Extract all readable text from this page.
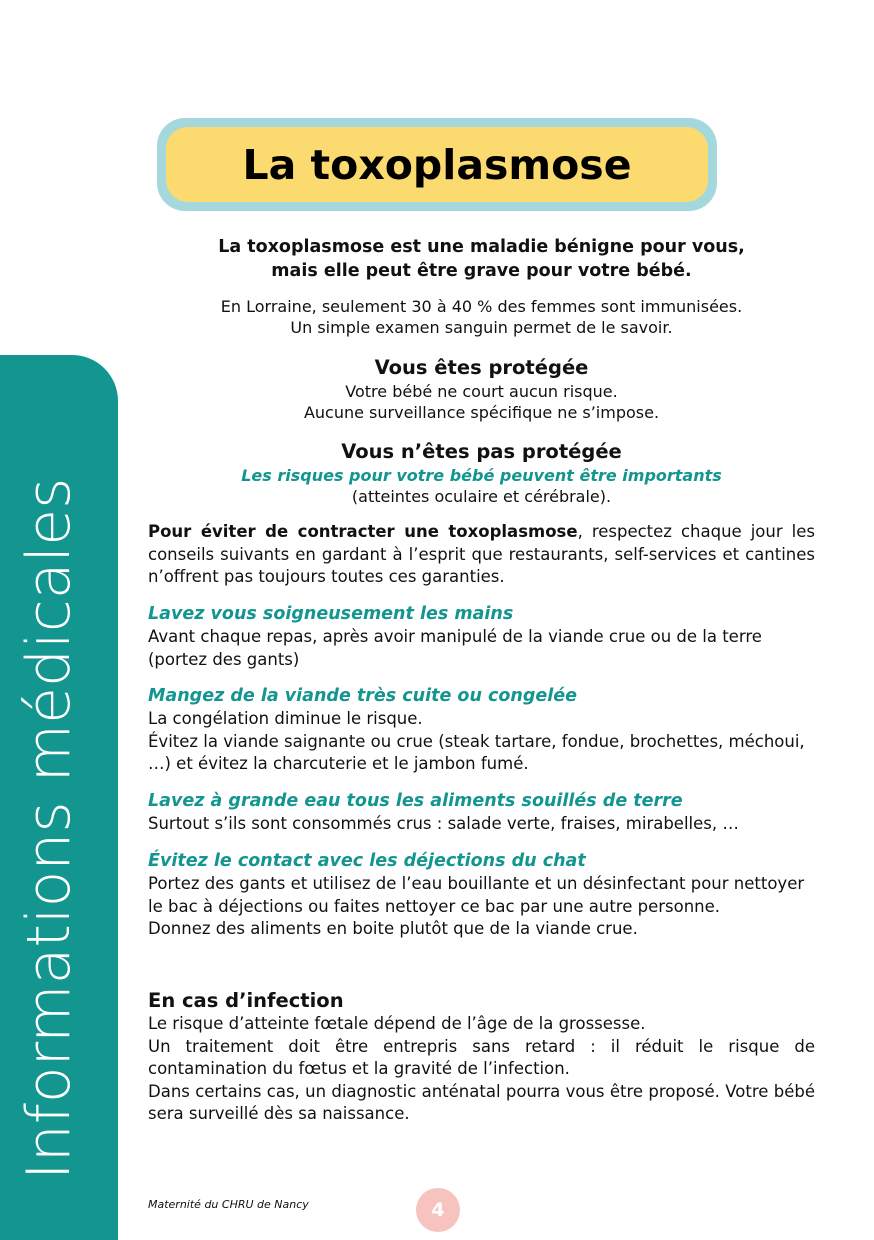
Informations médicales
La toxoplasmose
La toxoplasmose est une maladie bénigne pour vous,
mais elle peut être grave pour votre bébé.
En Lorraine, seulement 30 à 40 % des femmes sont immunisées.
Un simple examen sanguin permet de le savoir.
Vous êtes protégée
Votre bébé ne court aucun risque.
Aucune surveillance spécifique ne s’impose.
Vous n’êtes pas protégée
Les risques pour votre bébé peuvent être importants
(atteintes oculaire et cérébrale).
Pour éviter de contracter une toxoplasmose, respectez chaque jour les conseils suivants en gardant à l’esprit que restaurants, self-services et cantines n’offrent pas toujours toutes ces garanties.
Lavez vous soigneusement les mains
Avant chaque repas, après avoir manipulé de la viande crue ou de la terre (portez des gants)
Mangez de la viande très cuite ou congelée
La congélation diminue le risque.
Évitez la viande saignante ou crue (steak tartare, fondue, brochettes, méchoui, …) et évitez la charcuterie et le jambon fumé.
Lavez à grande eau tous les aliments souillés de terre
Surtout s’ils sont consommés crus : salade verte, fraises, mirabelles, …
Évitez le contact avec les déjections du chat
Portez des gants et utilisez de l’eau bouillante et un désinfectant pour nettoyer le bac à déjections ou faites nettoyer ce bac par une autre personne.
Donnez des aliments en boite plutôt que de la viande crue.
En cas d’infection
Le risque d’atteinte fœtale dépend de l’âge de la grossesse.
Un traitement doit être entrepris sans retard : il réduit le risque de contamination du fœtus et la gravité de l’infection.
Dans certains cas, un diagnostic anténatal pourra vous être proposé. Votre bébé sera surveillé dès sa naissance.
Maternité du CHRU de Nancy	4
